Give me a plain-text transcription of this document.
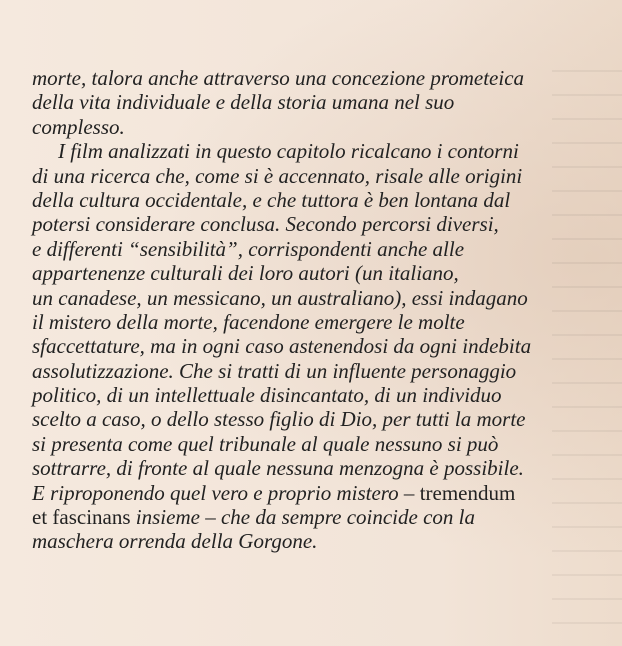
morte, talora anche attraverso una concezione prometeica
della vita individuale e della storia umana nel suo
complesso.
I film analizzati in questo capitolo ricalcano i contorni
di una ricerca che, come si è accennato, risale alle origini
della cultura occidentale, e che tuttora è ben lontana dal
potersi considerare conclusa. Secondo percorsi diversi,
e differenti “sensibilità”, corrispondenti anche alle
appartenenze culturali dei loro autori (un italiano,
un canadese, un messicano, un australiano), essi indagano
il mistero della morte, facendone emergere le molte
sfaccettature, ma in ogni caso astenendosi da ogni indebita
assolutizzazione. Che si tratti di un influente personaggio
politico, di un intellettuale disincantato, di un individuo
scelto a caso, o dello stesso figlio di Dio, per tutti la morte
si presenta come quel tribunale al quale nessuno si può
sottrarre, di fronte al quale nessuna menzogna è possibile.
E riproponendo quel vero e proprio mistero – tremendum
et fascinans insieme – che da sempre coincide con la
maschera orrenda della Gorgone.
